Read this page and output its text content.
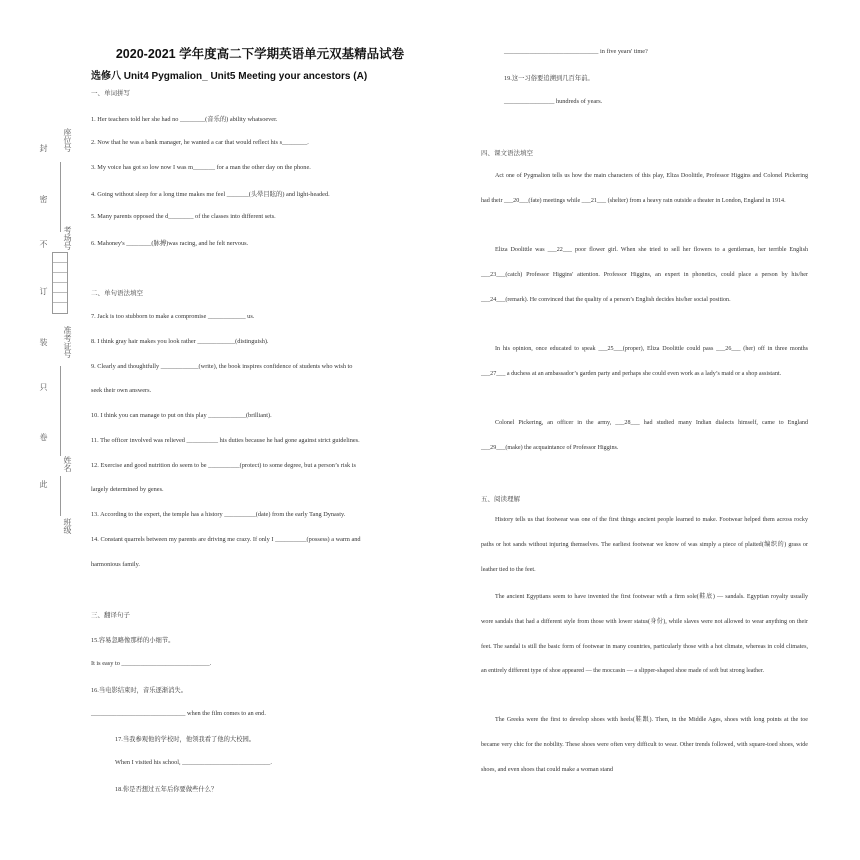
封
密
不
订
装
只
卷
此
座位号
考场号
准考证号
姓名
班级
2020-2021 学年度高二下学期英语单元双基精品试卷
选修八 Unit4 Pygmalion_ Unit5 Meeting your ancestors (A)
一、单词拼写
1. Her teachers told her she had no ________(音乐的) ability whatsoever.
2. Now that he was a bank manager, he wanted a car that would reflect his s________.
3. My voice has got so low now I was m_______ for a man the other day on the phone.
4. Going without sleep for a long time makes me feel _______(头晕目眩的) and light-headed.
5. Many parents opposed the d________ of the classes into different sets.
6. Mahoney's ________(脉搏)was racing, and he felt nervous.
二、单句语法填空
7. Jack is too stubborn to make a compromise ____________ us.
8. I think gray hair makes you look rather ____________(distinguish).
9. Clearly and thoughtfully ____________(write), the book inspires confidence of students who wish to
seek their own answers.
10. I think you can manage to put on this play ____________(brilliant).
11. The officer involved was relieved __________ his duties because he had gone against strict guidelines.
12. Exercise and good nutrition do seem to be __________(protect) to some degree, but a person’s risk is
largely determined by genes.
13. According to the expert, the temple has a history __________(date) from the early Tang Dynasty.
14. Constant quarrels between my parents are driving me crazy. If only I __________(possess) a warm and
harmonious family.
三、翻译句子
15.容易忽略像那样的小细节。
It is easy to ____________________________.
16.当电影结束时，音乐逐渐消失。
______________________________ when the film comes to an end.
17.当我参观他的学校时，他领我看了他的大校园。
When I visited his school, ____________________________.
18.你是否想过五年后你要做些什么？
______________________________ in five years' time?
19.这一习俗要追溯到几百年前。
________________ hundreds of years.
四、课文语法填空
Act one of Pygmalion tells us how the main characters of this play, Eliza Doolittle, Professor Higgins and Colonel Pickering had their ___20___(fate) meetings while ___21___ (shelter) from a heavy rain outside a theater in London, England in 1914.
Eliza Doolittle was ___22___ poor flower girl. When she tried to sell her flowers to a gentleman, her terrible English ___23___(catch) Professor Higgins' attention. Professor Higgins, an expert in phonetics, could place a person by his/her ___24___(remark). He convinced that the quality of a person’s English decides his/her social position.
In his opinion, once educated to speak ___25___(proper), Eliza Doolittle could pass ___26___ (her) off in three months ___27___ a duchess at an ambassador’s garden party and perhaps she could even work as a lady’s maid or a shop assistant.
Colonel Pickering, an officer in the army, ___28___ had studied many Indian dialects himself, came to England ___29___(make) the acquaintance of Professor Higgins.
五、阅读理解
History tells us that footwear was one of the first things ancient people learned to make. Footwear helped them across rocky paths or hot sands without injuring themselves. The earliest footwear we know of was simply a piece of plaited(编织的) grass or leather tied to the feet.
The ancient Egyptians seem to have invented the first footwear with a firm sole(鞋底) — sandals. Egyptian royalty usually wore sandals that had a different style from those with lower status(身份), while slaves were not allowed to wear anything on their feet. The sandal is still the basic form of footwear in many countries, particularly those with a hot climate, whereas in cold climates, an entirely different type of shoe appeared — the moccasin — a slipper-shaped shoe made of soft but strong leather.
The Greeks were the first to develop shoes with heels(鞋跟). Then, in the Middle Ages, shoes with long points at the toe became very chic for the nobility. These shoes were often very difficult to wear. Other trends followed, with square-toed shoes, wide shoes, and even shoes that could make a woman stand
